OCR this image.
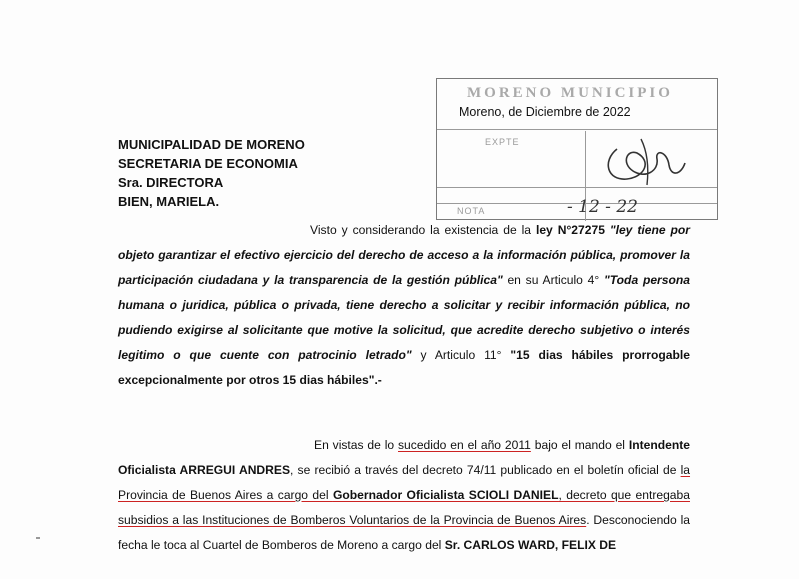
MORENO MUNICIPIO
Moreno, de Diciembre de 2022
EXPTE
NOTA	- 12 - 22
MUNICIPALIDAD DE MORENO
SECRETARIA DE ECONOMIA
Sra. DIRECTORA
BIEN, MARIELA.
Visto y considerando la existencia de la ley N°27275 "ley tiene por objeto garantizar el efectivo ejercicio del derecho de acceso a la información pública, promover la participación ciudadana y la transparencia de la gestión pública" en su Articulo 4° "Toda persona humana o juridica, pública o privada, tiene derecho a solicitar y recibir información pública, no pudiendo exigirse al solicitante que motive la solicitud, que acredite derecho subjetivo o interés legitimo o que cuente con patrocinio letrado" y Articulo 11° "15 dias hábiles prorrogable excepcionalmente por otros 15 dias hábiles".-
En vistas de lo sucedido en el año 2011 bajo el mando el Intendente Oficialista ARREGUI ANDRES, se recibió a través del decreto 74/11 publicado en el boletín oficial de la Provincia de Buenos Aires a cargo del Gobernador Oficialista SCIOLI DANIEL, decreto que entregaba subsidios a las Instituciones de Bomberos Voluntarios de la Provincia de Buenos Aires. Desconociendo la fecha le toca al Cuartel de Bomberos de Moreno a cargo del Sr. CARLOS WARD, FELIX DE
